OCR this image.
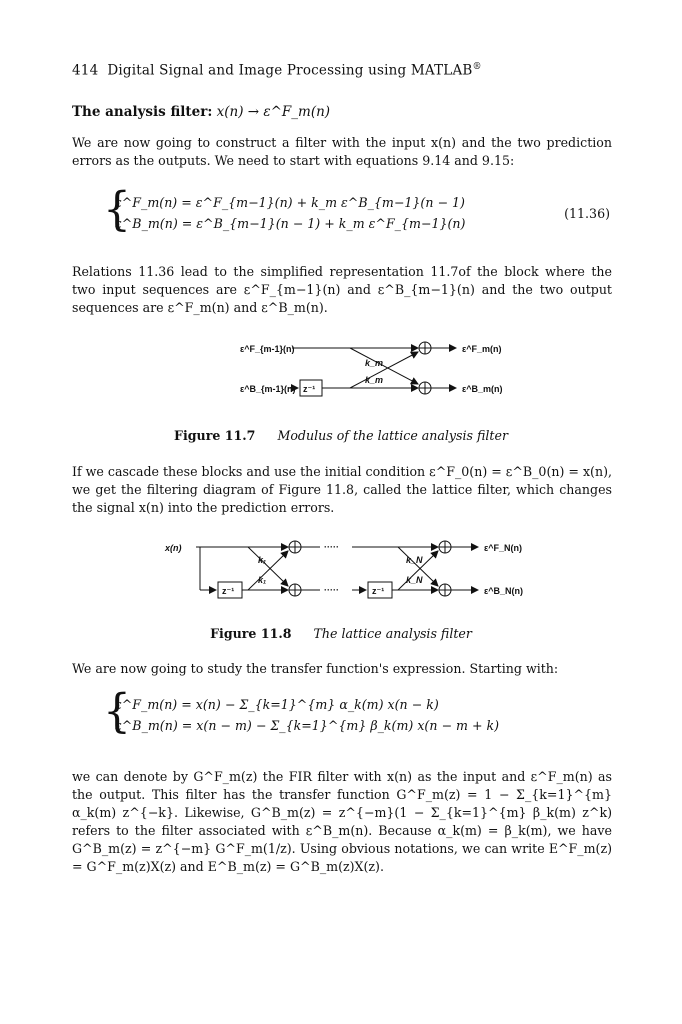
414 Digital Signal and Image Processing using MATLAB®
The analysis filter: x(n) → ε^F_m(n)
We are now going to construct a filter with the input x(n) and the two prediction errors as the outputs. We need to start with equations 9.14 and 9.15:
{
ε^F_m(n) = ε^F_{m−1}(n) + k_m ε^B_{m−1}(n − 1)
ε^B_m(n) = ε^B_{m−1}(n − 1) + k_m ε^F_{m−1}(n)
(11.36)
Relations 11.36 lead to the simplified representation 11.7of the block where the two input sequences are ε^F_{m−1}(n) and ε^B_{m−1}(n) and the two output sequences are ε^F_m(n) and ε^B_m(n).
ε^F_{m-1}(n)	ε^F_m(n)
ε^B_{m-1}(n) z⁻¹	ε^B_m(n)
k_m
k_m
Figure 11.7 Modulus of the lattice analysis filter
If we cascade these blocks and use the initial condition ε^F_0(n) = ε^B_0(n) = x(n), we get the filtering diagram of Figure 11.8, called the lattice filter, which changes the signal x(n) into the prediction errors.
x(n)
z⁻¹
k₁
k₁
·····
·····	z⁻¹
k_N
k_N
ε^F_N(n)
ε^B_N(n)
Figure 11.8 The lattice analysis filter
We are now going to study the transfer function's expression. Starting with:
{
ε^F_m(n) = x(n) − Σ_{k=1}^{m} α_k(m) x(n − k)
ε^B_m(n) = x(n − m) − Σ_{k=1}^{m} β_k(m) x(n − m + k)
we can denote by G^F_m(z) the FIR filter with x(n) as the input and ε^F_m(n) as the output. This filter has the transfer function G^F_m(z) = 1 − Σ_{k=1}^{m} α_k(m) z^{−k}. Likewise, G^B_m(z) = z^{−m}(1 − Σ_{k=1}^{m} β_k(m) z^k) refers to the filter associated with ε^B_m(n). Because α_k(m) = β_k(m), we have G^B_m(z) = z^{−m} G^F_m(1/z). Using obvious notations, we can write E^F_m(z) = G^F_m(z)X(z) and E^B_m(z) = G^B_m(z)X(z).
